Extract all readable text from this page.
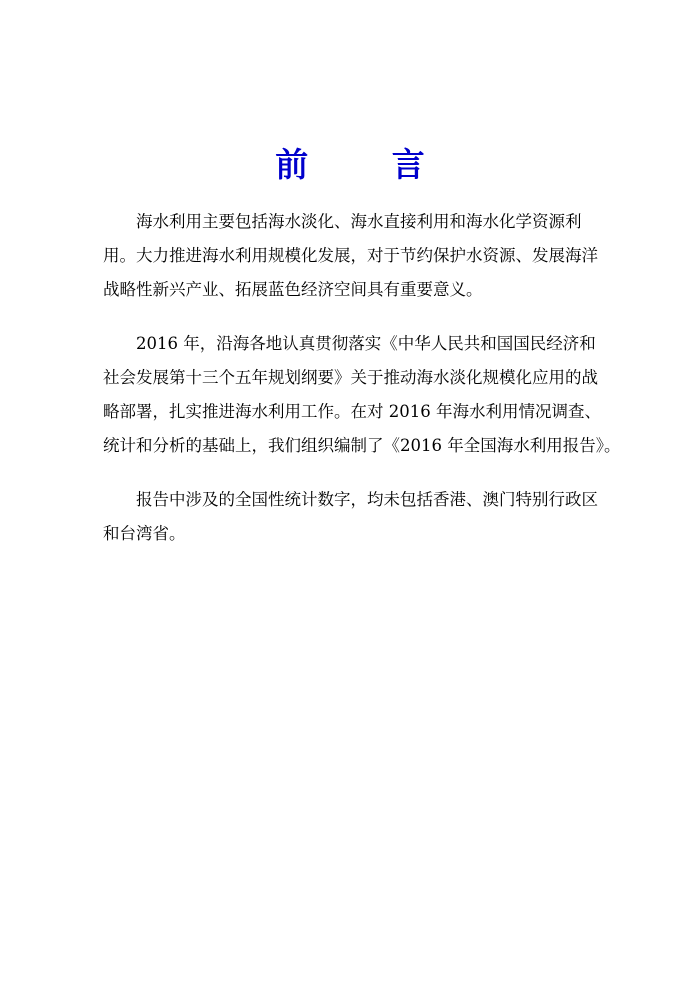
前 言
海水利用主要包括海水淡化、海水直接利用和海水化学资源利
用。大力推进海水利用规模化发展，对于节约保护水资源、发展海洋
战略性新兴产业、拓展蓝色经济空间具有重要意义。
2016 年，沿海各地认真贯彻落实《中华人民共和国国民经济和
社会发展第十三个五年规划纲要》关于推动海水淡化规模化应用的战
略部署，扎实推进海水利用工作。在对 2016 年海水利用情况调查、
统计和分析的基础上，我们组织编制了《2016 年全国海水利用报告》。
报告中涉及的全国性统计数字，均未包括香港、澳门特别行政区
和台湾省。
